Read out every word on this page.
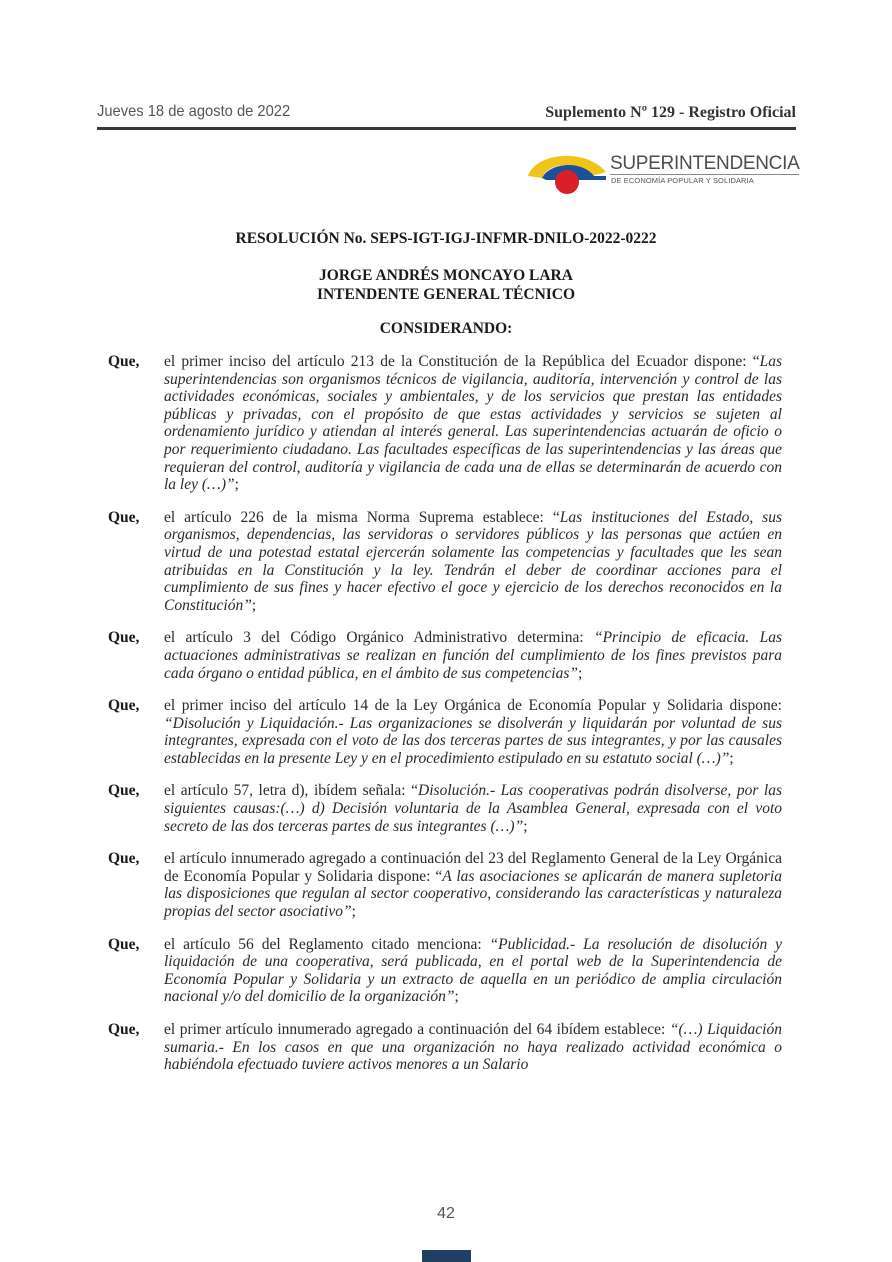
Jueves 18 de agosto de 2022	Suplemento Nº 129 - Registro Oficial
SUPERINTENDENCIA
DE ECONOMÍA POPULAR Y SOLIDARIA
RESOLUCIÓN No. SEPS-IGT-IGJ-INFMR-DNILO-2022-0222
JORGE ANDRÉS MONCAYO LARA
INTENDENTE GENERAL TÉCNICO
CONSIDERANDO:
Que,	el primer inciso del artículo 213 de la Constitución de la República del Ecuador dispone: “Las superintendencias son organismos técnicos de vigilancia, auditoría, intervención y control de las actividades económicas, sociales y ambientales, y de los servicios que prestan las entidades públicas y privadas, con el propósito de que estas actividades y servicios se sujeten al ordenamiento jurídico y atiendan al interés general. Las superintendencias actuarán de oficio o por requerimiento ciudadano. Las facultades específicas de las superintendencias y las áreas que requieran del control, auditoría y vigilancia de cada una de ellas se determinarán de acuerdo con la ley (…)”;
Que,	el artículo 226 de la misma Norma Suprema establece: “Las instituciones del Estado, sus organismos, dependencias, las servidoras o servidores públicos y las personas que actúen en virtud de una potestad estatal ejercerán solamente las competencias y facultades que les sean atribuidas en la Constitución y la ley. Tendrán el deber de coordinar acciones para el cumplimiento de sus fines y hacer efectivo el goce y ejercicio de los derechos reconocidos en la Constitución”;
Que,	el artículo 3 del Código Orgánico Administrativo determina: “Principio de eficacia. Las actuaciones administrativas se realizan en función del cumplimiento de los fines previstos para cada órgano o entidad pública, en el ámbito de sus competencias”;
Que,	el primer inciso del artículo 14 de la Ley Orgánica de Economía Popular y Solidaria dispone: “Disolución y Liquidación.- Las organizaciones se disolverán y liquidarán por voluntad de sus integrantes, expresada con el voto de las dos terceras partes de sus integrantes, y por las causales establecidas en la presente Ley y en el procedimiento estipulado en su estatuto social (…)”;
Que,	el artículo 57, letra d), ibídem señala: “Disolución.- Las cooperativas podrán disolverse, por las siguientes causas:(…) d) Decisión voluntaria de la Asamblea General, expresada con el voto secreto de las dos terceras partes de sus integrantes (…)”;
Que,	el artículo innumerado agregado a continuación del 23 del Reglamento General de la Ley Orgánica de Economía Popular y Solidaria dispone: “A las asociaciones se aplicarán de manera supletoria las disposiciones que regulan al sector cooperativo, considerando las características y naturaleza propias del sector asociativo”;
Que,	el artículo 56 del Reglamento citado menciona: “Publicidad.- La resolución de disolución y liquidación de una cooperativa, será publicada, en el portal web de la Superintendencia de Economía Popular y Solidaria y un extracto de aquella en un periódico de amplia circulación nacional y/o del domicilio de la organización”;
Que,	el primer artículo innumerado agregado a continuación del 64 ibídem establece: “(…) Liquidación sumaria.- En los casos en que una organización no haya realizado actividad económica o habiéndola efectuado tuviere activos menores a un Salario
42
